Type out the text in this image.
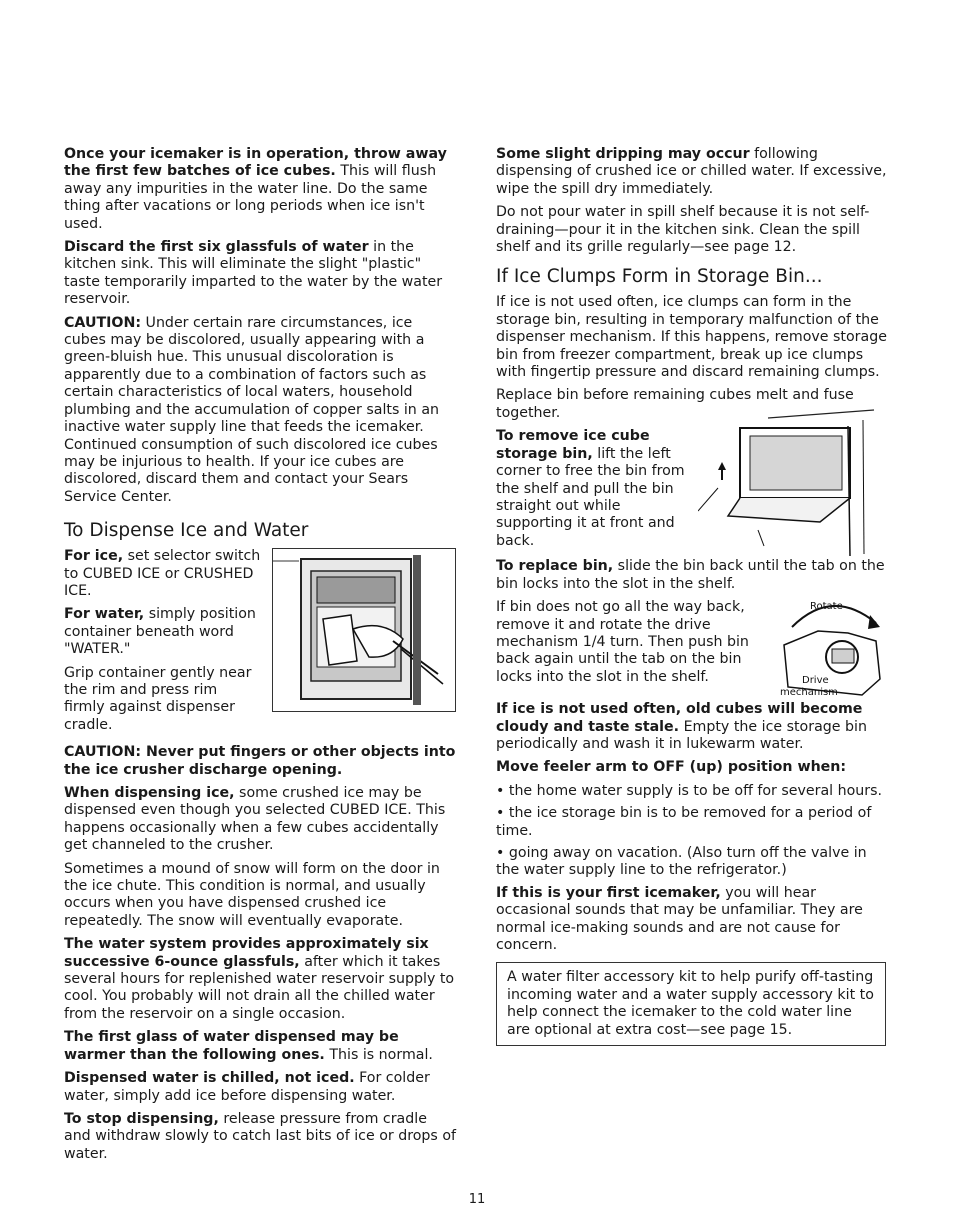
Once your icemaker is in operation, throw away the first few batches of ice cubes. This will flush away any impurities in the water line. Do the same thing after vacations or long periods when ice isn't used.

Discard the first six glassfuls of water in the kitchen sink. This will eliminate the slight "plastic" taste temporarily imparted to the water by the water reservoir.

CAUTION: Under certain rare circumstances, ice cubes may be discolored, usually appearing with a green-bluish hue. This unusual discoloration is apparently due to a combination of factors such as certain characteristics of local waters, household plumbing and the accumulation of copper salts in an inactive water supply line that feeds the icemaker. Continued consumption of such discolored ice cubes may be injurious to health. If your ice cubes are discolored, discard them and contact your Sears Service Center.

To Dispense Ice and Water

For ice, set selector switch to CUBED ICE or CRUSHED ICE.

For water, simply position container beneath word "WATER."

Grip container gently near the rim and press rim firmly against dispenser cradle.

CAUTION: Never put fingers or other objects into the ice crusher discharge opening.

When dispensing ice, some crushed ice may be dispensed even though you selected CUBED ICE. This happens occasionally when a few cubes accidentally get channeled to the crusher.

Sometimes a mound of snow will form on the door in the ice chute. This condition is normal, and usually occurs when you have dispensed crushed ice repeatedly. The snow will eventually evaporate.

The water system provides approximately six successive 6-ounce glassfuls, after which it takes several hours for replenished water reservoir supply to cool. You probably will not drain all the chilled water from the reservoir on a single occasion.

The first glass of water dispensed may be warmer than the following ones. This is normal.

Dispensed water is chilled, not iced. For colder water, simply add ice before dispensing water.

To stop dispensing, release pressure from cradle and withdraw slowly to catch last bits of ice or drops of water.

Some slight dripping may occur following dispensing of crushed ice or chilled water. If excessive, wipe the spill dry immediately.

Do not pour water in spill shelf because it is not self-draining—pour it in the kitchen sink. Clean the spill shelf and its grille regularly—see page 12.

If Ice Clumps Form in Storage Bin...

If ice is not used often, ice clumps can form in the storage bin, resulting in temporary malfunction of the dispenser mechanism. If this happens, remove storage bin from freezer compartment, break up ice clumps with fingertip pressure and discard remaining clumps.

Replace bin before remaining cubes melt and fuse together.

To remove ice cube storage bin, lift the left corner to free the bin from the shelf and pull the bin straight out while supporting it at front and back.

To replace bin, slide the bin back until the tab on the bin locks into the slot in the shelf.

If bin does not go all the way back, remove it and rotate the drive mechanism 1/4 turn. Then push bin back again until the tab on the bin locks into the slot in the shelf.

Rotate
Drive
mechanism

If ice is not used often, old cubes will become cloudy and taste stale. Empty the ice storage bin periodically and wash it in lukewarm water.

Move feeler arm to OFF (up) position when:

• the home water supply is to be off for several hours.
• the ice storage bin is to be removed for a period of time.
• going away on vacation. (Also turn off the valve in the water supply line to the refrigerator.)

If this is your first icemaker, you will hear occasional sounds that may be unfamiliar. They are normal ice-making sounds and are not cause for concern.

A water filter accessory kit to help purify off-tasting incoming water and a water supply accessory kit to help connect the icemaker to the cold water line are optional at extra cost—see page 15.

11
